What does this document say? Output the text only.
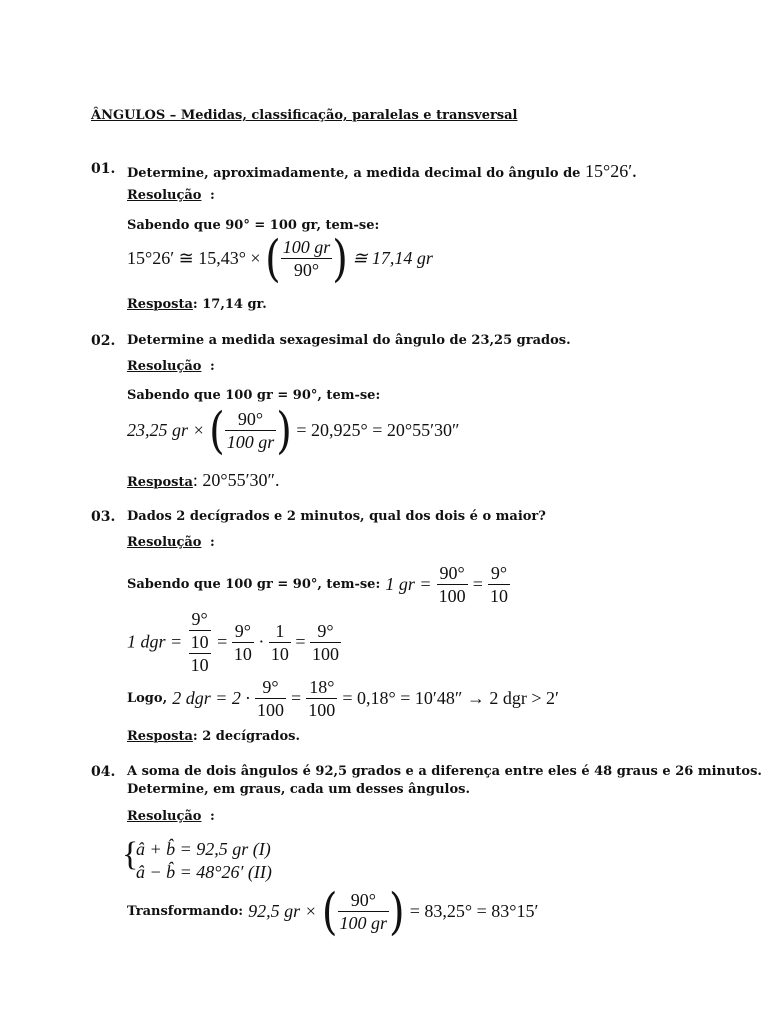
ÂNGULOS – Medidas, classificação, paralelas e transversal
01. Determine, aproximadamente, a medida decimal do ângulo de 15°26′.
Resolução :
Sabendo que 90° = 100 gr, tem-se:
15°26′ ≅ 15,43° × ( $\frac{100 gr}{90^\circ}$ ) ≅ 17,14 gr
Resposta: 17,14 gr.
02. Determine a medida sexagesimal do ângulo de 23,25 grados.
Resolução :
Sabendo que 100 gr = 90°, tem-se:
23,25 gr × ( $\frac{90^\circ}{100 gr}$ ) = 20,925° = 20°55′30″
Resposta: 20°55′30″.
03. Dados 2 decígrados e 2 minutos, qual dos dois é o maior?
Resolução :
Sabendo que 100 gr = 90°, tem-se: 1 gr = $\frac{90^\circ}{100} = \frac{9^\circ}{10}$
1 dgr =
9°
10
10
= $\frac{9^\circ}{10} \cdot \frac{1}{10} = \frac{9^\circ}{100}$
Logo, 2 dgr = $2 \cdot \frac{9^\circ}{100} = \frac{18^\circ}{100} = 0,18^\circ = 10'48'' \to 2$ dgr > 2′
Resposta: 2 decígrados.
04. A soma de dois ângulos é 92,5 grados e a diferença entre eles é 48 graus e 26 minutos.
Determine, em graus, cada um desses ângulos.
Resolução :
{
â + b̂ = 92,5 gr (I)
â − b̂ = 48°26′ (II)
Transformando: 92,5 gr × ( $\frac{90^\circ}{100 gr}$ ) = 83,25° = 83°15′
